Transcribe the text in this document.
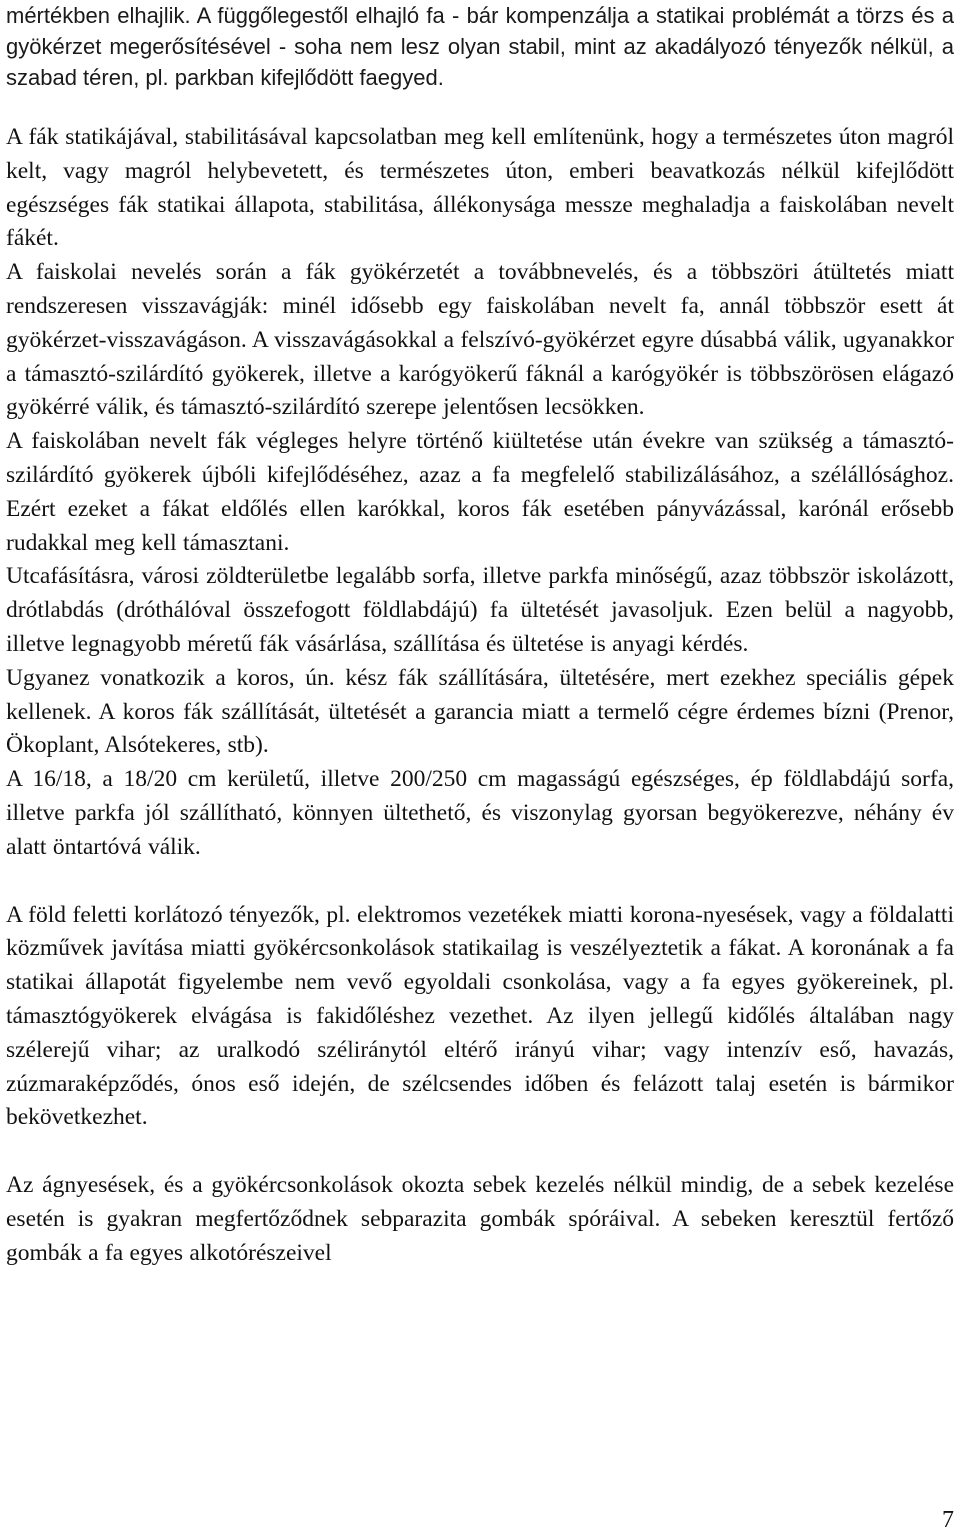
mértékben elhajlik. A függőlegestől elhajló fa - bár kompenzálja a statikai problémát a törzs és a gyökérzet megerősítésével - soha nem lesz olyan stabil, mint az akadályozó tényezők nélkül, a szabad téren, pl. parkban kifejlődött faegyed.

A fák statikájával, stabilitásával kapcsolatban meg kell említenünk, hogy a természetes úton magról kelt, vagy magról helybevetett, és természetes úton, emberi beavatkozás nélkül kifejlődött egészséges fák statikai állapota, stabilitása, állékonysága messze meghaladja a faiskolában nevelt fákét.

A faiskolai nevelés során a fák gyökérzetét a továbbnevelés, és a többszöri átültetés miatt rendszeresen visszavágják: minél idősebb egy faiskolában nevelt fa, annál többször esett át gyökérzet-visszavágáson. A visszavágásokkal a felszívó-gyökérzet egyre dúsabbá válik, ugyanakkor a támasztó-szilárdító gyökerek, illetve a karógyökerű fáknál a karógyökér is többszörösen elágazó gyökérré válik, és támasztó-szilárdító szerepe jelentősen lecsökken.

A faiskolában nevelt fák végleges helyre történő kiültetése után évekre van szükség a támasztó-szilárdító gyökerek újbóli kifejlődéséhez, azaz a fa megfelelő stabilizálásához, a szélállósághoz. Ezért ezeket a fákat eldőlés ellen karókkal, koros fák esetében pányvázással, karónál erősebb rudakkal meg kell támasztani.

Utcafásításra, városi zöldterületbe legalább sorfa, illetve parkfa minőségű, azaz többször iskolázott, drótlabdás (dróthálóval összefogott földlabdájú) fa ültetését javasoljuk. Ezen belül a nagyobb, illetve legnagyobb méretű fák vásárlása, szállítása és ültetése is anyagi kérdés.

Ugyanez vonatkozik a koros, ún. kész fák szállítására, ültetésére, mert ezekhez speciális gépek kellenek. A koros fák szállítását, ültetését a garancia miatt a termelő cégre érdemes bízni (Prenor, Ökoplant, Alsótekeres, stb).

A 16/18, a 18/20 cm kerületű, illetve 200/250 cm magasságú egészséges, ép földlabdájú sorfa, illetve parkfa jól szállítható, könnyen ültethető, és viszonylag gyorsan begyökerezve, néhány év alatt öntartóvá válik.

A föld feletti korlátozó tényezők, pl. elektromos vezetékek miatti korona-nyesések, vagy a földalatti közművek javítása miatti gyökércsonkolások statikailag is veszélyeztetik a fákat. A koronának a fa statikai állapotát figyelembe nem vevő egyoldali csonkolása, vagy a fa egyes gyökereinek, pl. támasztógyökerek elvágása is fakidőléshez vezethet. Az ilyen jellegű kidőlés általában nagy szélerejű vihar; az uralkodó széliránytól eltérő irányú vihar; vagy intenzív eső, havazás, zúzmaraképződés, ónos eső idején, de szélcsendes időben és felázott talaj esetén is bármikor bekövetkezhet.

Az ágnyesések, és a gyökércsonkolások okozta sebek kezelés nélkül mindig, de a sebek kezelése esetén is gyakran megfertőződnek sebparazita gombák spóráival. A sebeken keresztül fertőző gombák a fa egyes alkotórészeivel

7
